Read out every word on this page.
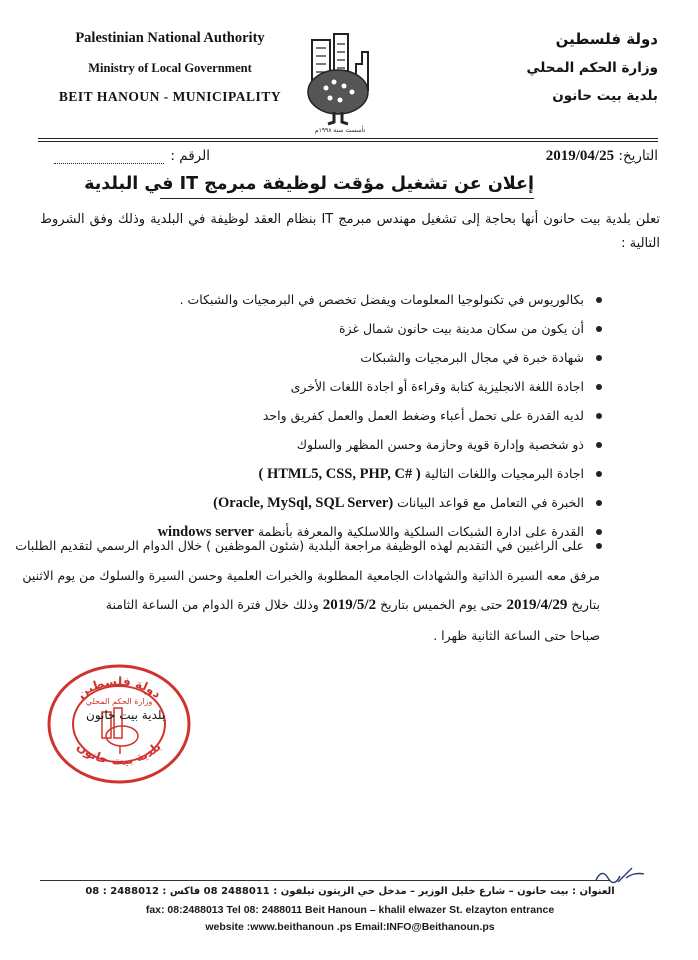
Palestinian National Authority
Ministry of Local Government
BEIT HANOUN - MUNICIPALITY
تأسست سنة ١٩٩٨م
دولة فلسطين
وزارة الحكم المحلي
بلدية بيت حانون
التاريخ: 2019/04/25
الرقم :
إعلان عن تشغيل مؤقت لوظيفة مبرمج IT في البلدية
تعلن بلدية بيت حانون أنها بحاجة إلى تشغيل مهندس مبرمج IT بنظام العقد لوظيفة في البلدية وذلك وفق الشروط التالية :
بكالوريوس في تكنولوجيا المعلومات ويفضل تخصص في البرمجيات والشبكات .
أن يكون من سكان مدينة بيت حانون شمال غزة
شهادة خبرة في مجال البرمجيات والشبكات
اجادة اللغة الانجليزية كتابة وقراءة أو اجادة اللغات الأخرى
لديه القدرة على تحمل أعباء وضغط العمل والعمل كفريق واحد
ذو شخصية وإدارة قوية وحازمة وحسن المظهر والسلوك
اجادة البرمجيات واللغات التالية ( HTML5, CSS, PHP, C# )
الخبرة في التعامل مع قواعد البيانات (Oracle, MySql, SQL Server)
القدرة على ادارة الشبكات السلكية واللاسلكية والمعرفة بأنظمة windows server
على الراغبين في التقديم لهذه الوظيفة مراجعة البلدية (شئون الموظفين ) خلال الدوام الرسمي لتقديم الطلبات
مرفق معه السيرة الذاتية والشهادات الجامعية المطلوبة والخبرات العلمية وحسن السيرة والسلوك من يوم الاثنين
بتاريخ 2019/4/29 حتى يوم الخميس بتاريخ 2019/5/2 وذلك خلال فترة الدوام من الساعة الثامنة
صباحا حتى الساعة الثانية ظهرا .
دولة فلسطين
بلدية بيت حانون
وزارة الحكم المحلي
بلدية بيت حانون
العنوان : بيت حانون – شارع خليل الوزير – مدخل حي الزيتون تيلفون : 2488011 08 فاكس : 2488012 : 08
fax: 08:2488013 Tel 08: 2488011 Beit Hanoun – khalil elwazer St. elzayton entrance
website :www.beithanoun .ps Email:INFO@Beithanoun.ps
